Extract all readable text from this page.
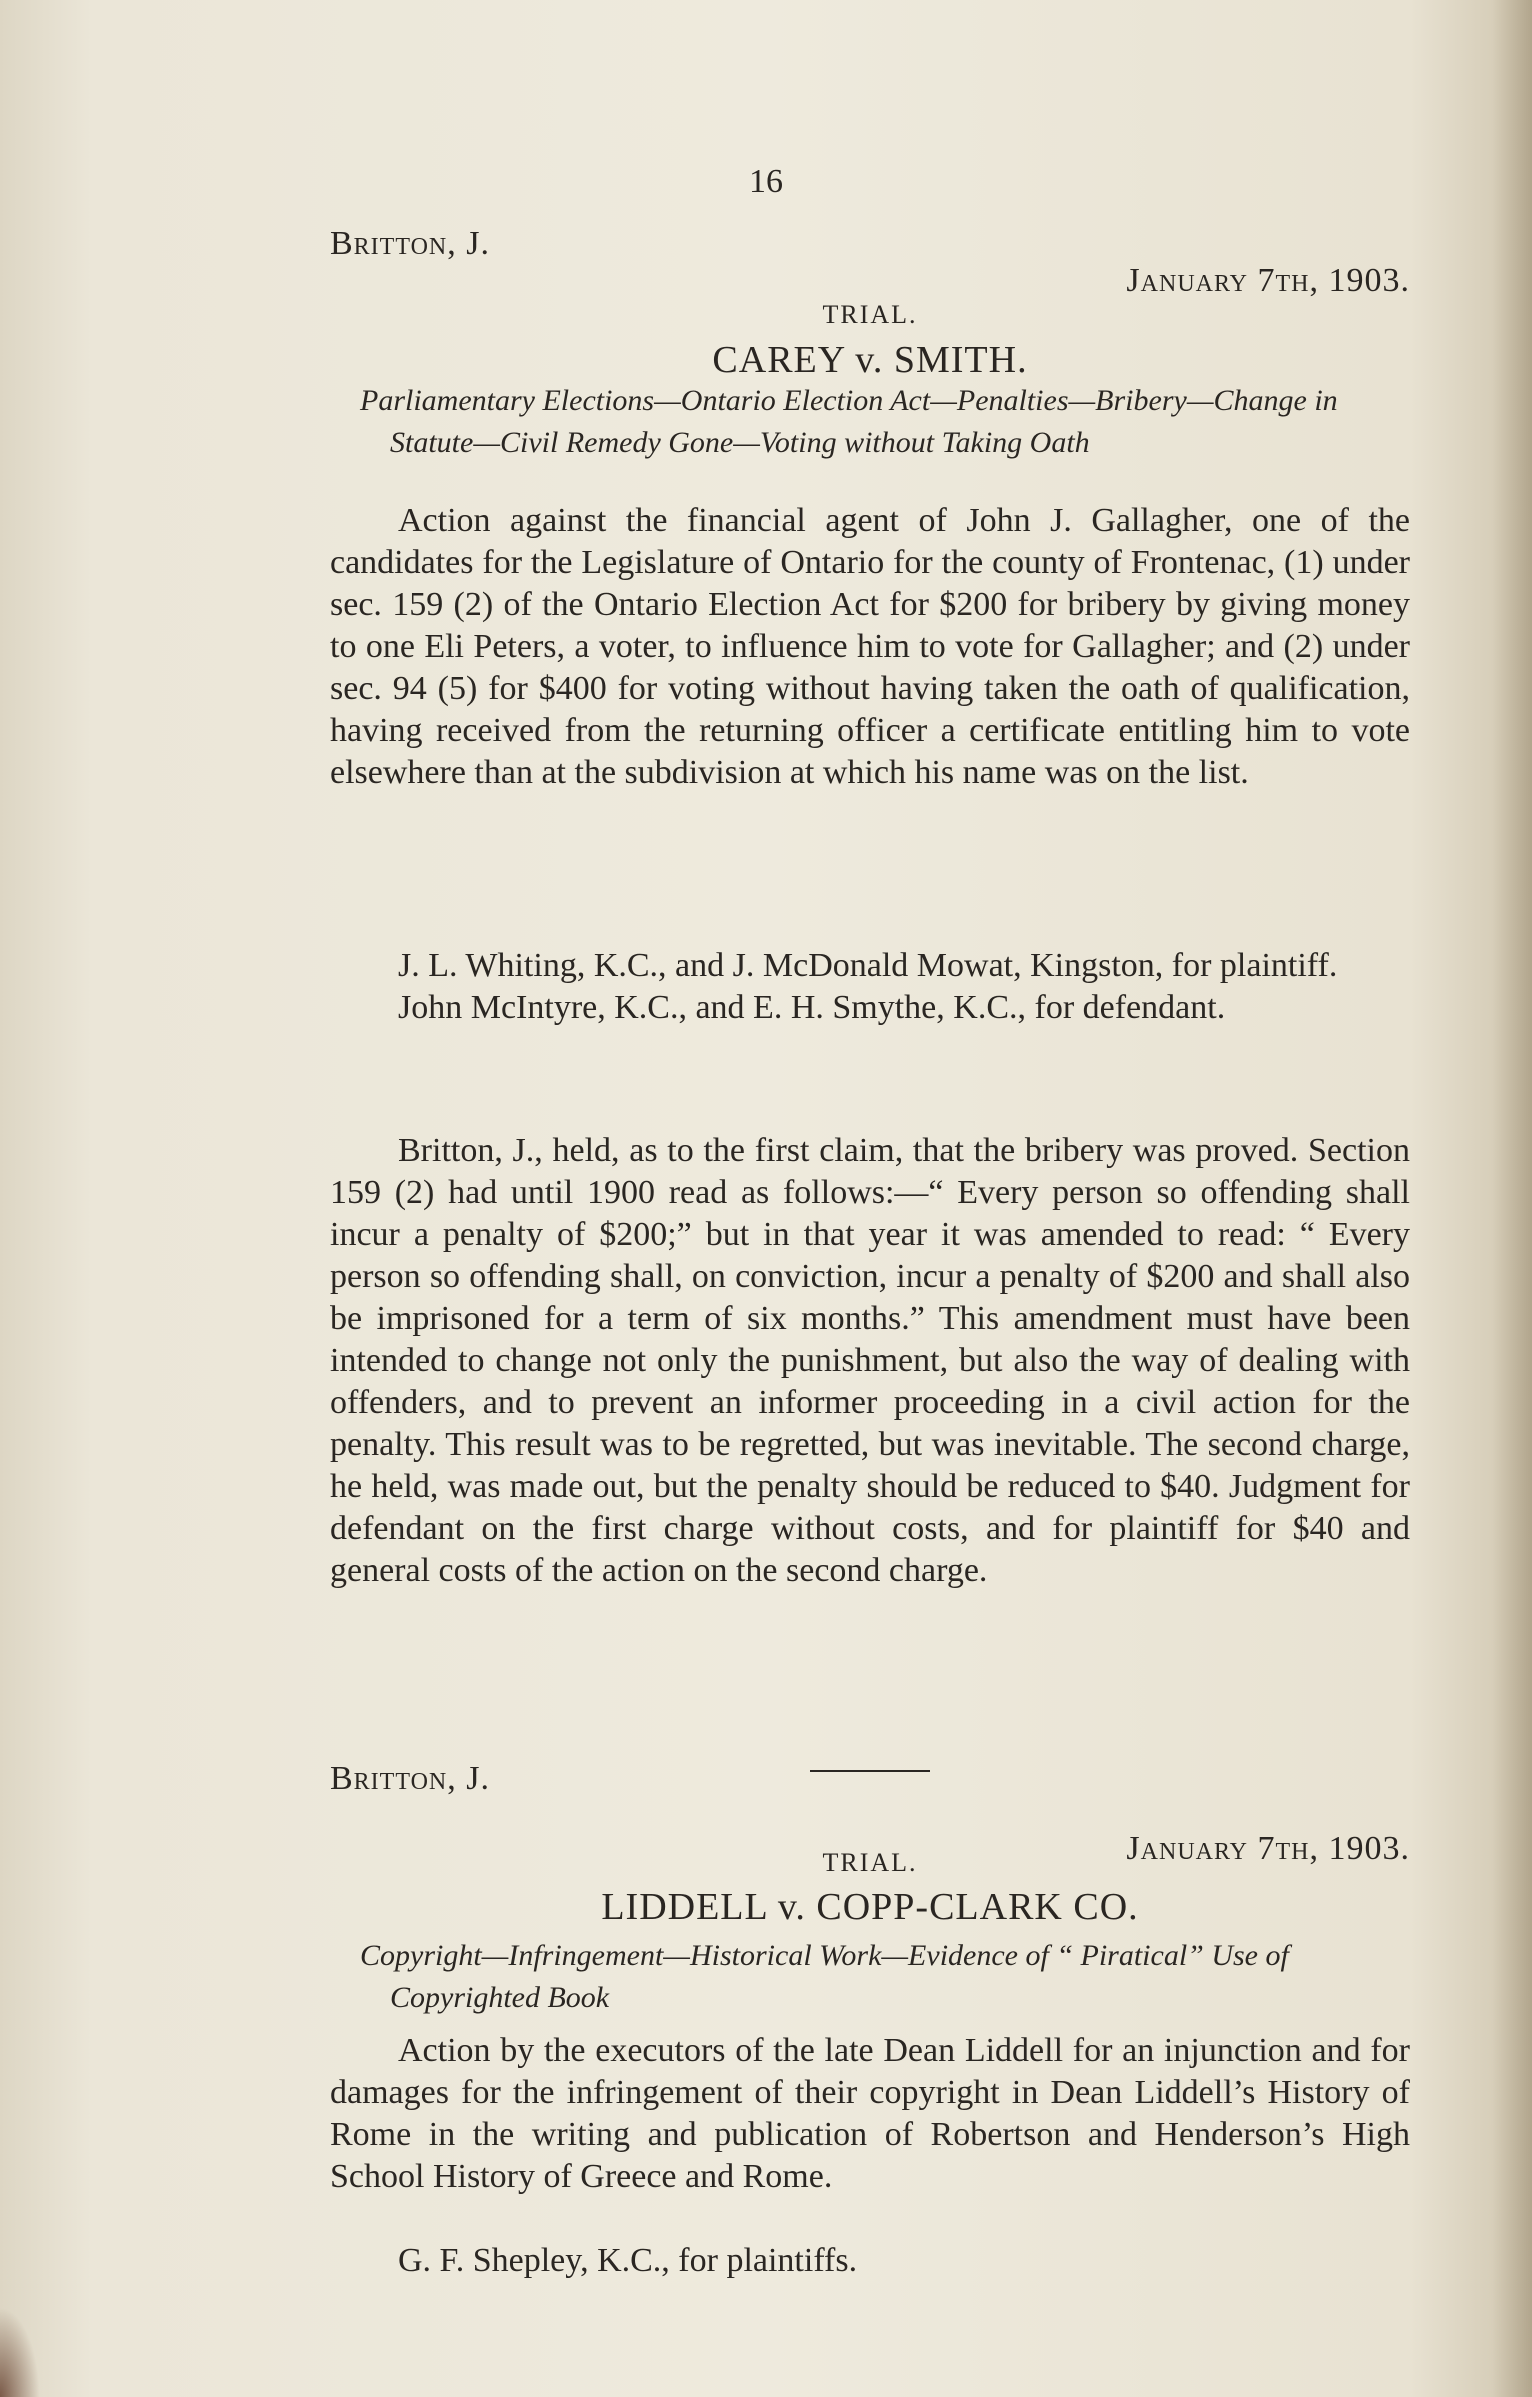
16
Britton, J.
January 7th, 1903.
TRIAL.
CAREY v. SMITH.
Parliamentary Elections—Ontario Election Act—Penalties—Bribery—Change in Statute—Civil Remedy Gone—Voting without Taking Oath

Action against the financial agent of John J. Gallagher, one of the candidates for the Legislature of Ontario for the county of Frontenac, (1) under sec. 159 (2) of the Ontario Election Act for $200 for bribery by giving money to one Eli Peters, a voter, to influence him to vote for Gallagher; and (2) under sec. 94 (5) for $400 for voting without having taken the oath of qualification, having received from the returning officer a certificate entitling him to vote elsewhere than at the subdivision at which his name was on the list.

J. L. Whiting, K.C., and J. McDonald Mowat, Kingston, for plaintiff.

John McIntyre, K.C., and E. H. Smythe, K.C., for defendant.

Britton, J., held, as to the first claim, that the bribery was proved. Section 159 (2) had until 1900 read as follows:—“ Every person so offending shall incur a penalty of $200;” but in that year it was amended to read: “ Every person so offending shall, on conviction, incur a penalty of $200 and shall also be imprisoned for a term of six months.” This amendment must have been intended to change not only the punishment, but also the way of dealing with offenders, and to prevent an informer proceeding in a civil action for the penalty. This result was to be regretted, but was inevitable. The second charge, he held, was made out, but the penalty should be reduced to $40. Judgment for defendant on the first charge without costs, and for plaintiff for $40 and general costs of the action on the second charge.

Britton, J.
January 7th, 1903.
TRIAL.
LIDDELL v. COPP-CLARK CO.
Copyright—Infringement—Historical Work—Evidence of “ Piratical” Use of Copyrighted Book

Action by the executors of the late Dean Liddell for an injunction and for damages for the infringement of their copyright in Dean Liddell’s History of Rome in the writing and publication of Robertson and Henderson’s High School History of Greece and Rome.

G. F. Shepley, K.C., for plaintiffs.
